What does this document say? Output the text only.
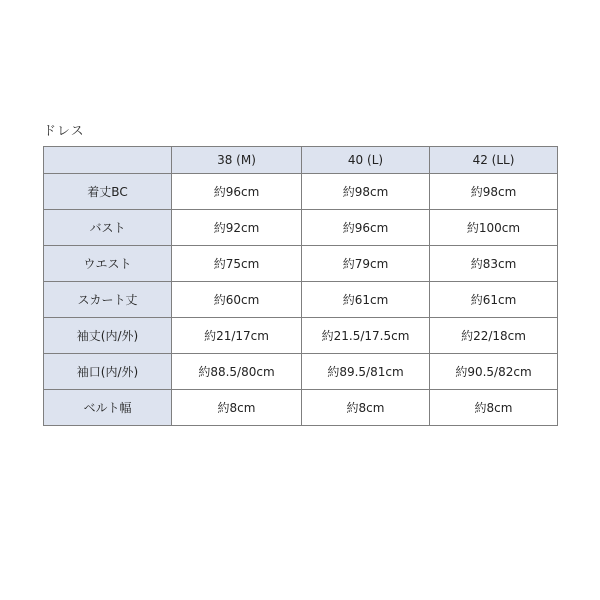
ドレス
	38 (M)	40 (L)	42 (LL)
着丈BC	約96cm	約98cm	約98cm
バスト	約92cm	約96cm	約100cm
ウエスト	約75cm	約79cm	約83cm
スカート丈	約60cm	約61cm	約61cm
袖丈(内/外)	約21/17cm	約21.5/17.5cm	約22/18cm
袖口(内/外)	約88.5/80cm	約89.5/81cm	約90.5/82cm
ベルト幅	約8cm	約8cm	約8cm
